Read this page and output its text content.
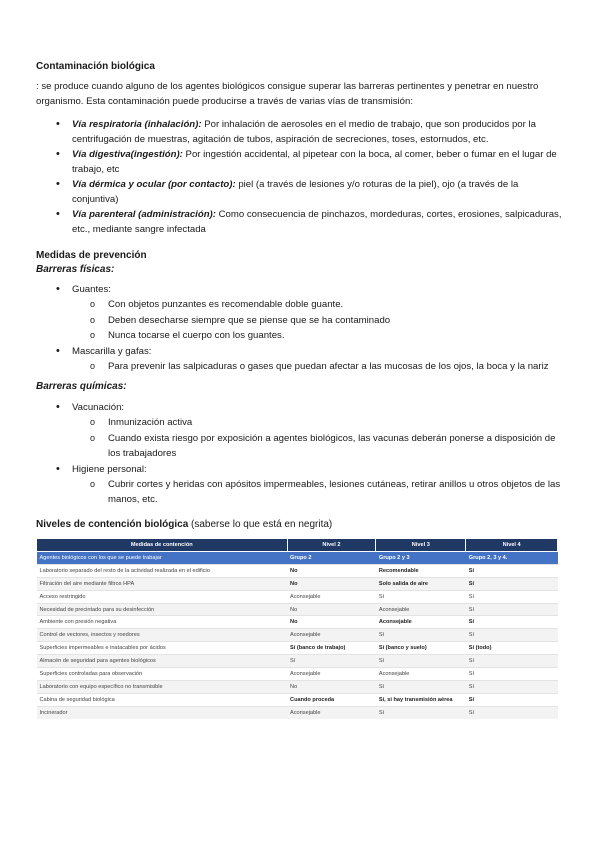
Contaminación biológica

: se produce cuando alguno de los agentes biológicos consigue superar las barreras pertinentes y penetrar en nuestro organismo. Esta contaminación puede producirse a través de varias vías de transmisión:

• Vía respiratoria (inhalación): Por inhalación de aerosoles en el medio de trabajo, que son producidos por la centrifugación de muestras, agitación de tubos, aspiración de secreciones, toses, estornudos, etc.
• Vía digestiva(ingestión): Por ingestión accidental, al pipetear con la boca, al comer, beber o fumar en el lugar de trabajo, etc
• Vía dérmica y ocular (por contacto): piel (a través de lesiones y/o roturas de la piel), ojo (a través de la conjuntiva)
• Vía parenteral (administración): Como consecuencia de pinchazos, mordeduras, cortes, erosiones, salpicaduras, etc., mediante sangre infectada

Medidas de prevención

Barreras físicas:

• Guantes:
o Con objetos punzantes es recomendable doble guante.
o Deben desecharse siempre que se piense que se ha contaminado
o Nunca tocarse el cuerpo con los guantes.
• Mascarilla y gafas:
o Para prevenir las salpicaduras o gases que puedan afectar a las mucosas de los ojos, la boca y la nariz

Barreras químicas:

• Vacunación:
o Inmunización activa
o Cuando exista riesgo por exposición a agentes biológicos, las vacunas deberán ponerse a disposición de los trabajadores
• Higiene personal:
o Cubrir cortes y heridas con apósitos impermeables, lesiones cutáneas, retirar anillos u otros objetos de las manos, etc.

Niveles de contención biológica (saberse lo que está en negrita)

Medidas de contención	Nivel 2	Nivel 3	Nivel 4
Agentes biológicos con los que se puede trabajar	Grupo 2	Grupo 2 y 3	Grupo 2, 3 y 4.
Laboratorio separado del resto de la actividad realizada en el edificio	No	Recomendable	Sí
Filtración del aire mediante filtros HPA	No	Solo salida de aire	Sí
Acceso restringido	Aconsejable	Sí	Sí
Necesidad de precintado para su desinfección	No	Aconsejable	Sí
Ambiente con presión negativa	No	Aconsejable	Sí
Control de vectores, insectos y roedores	Aconsejable	Sí	Sí
Superficies impermeables e inatacables por ácidos	Sí (banco de trabajo)	Sí (banco y suelo)	Sí (todo)
Almacén de seguridad para agentes biológicos	Sí	Sí	Sí
Superficies controladas para observación	Aconsejable	Aconsejable	Sí
Laboratorio con equipo específico no transmisible	No	Sí	Sí
Cabina de seguridad biológica	Cuando proceda	Sí, si hay transmisión aérea	Sí
Incinerador	Aconsejable	Sí	Sí
